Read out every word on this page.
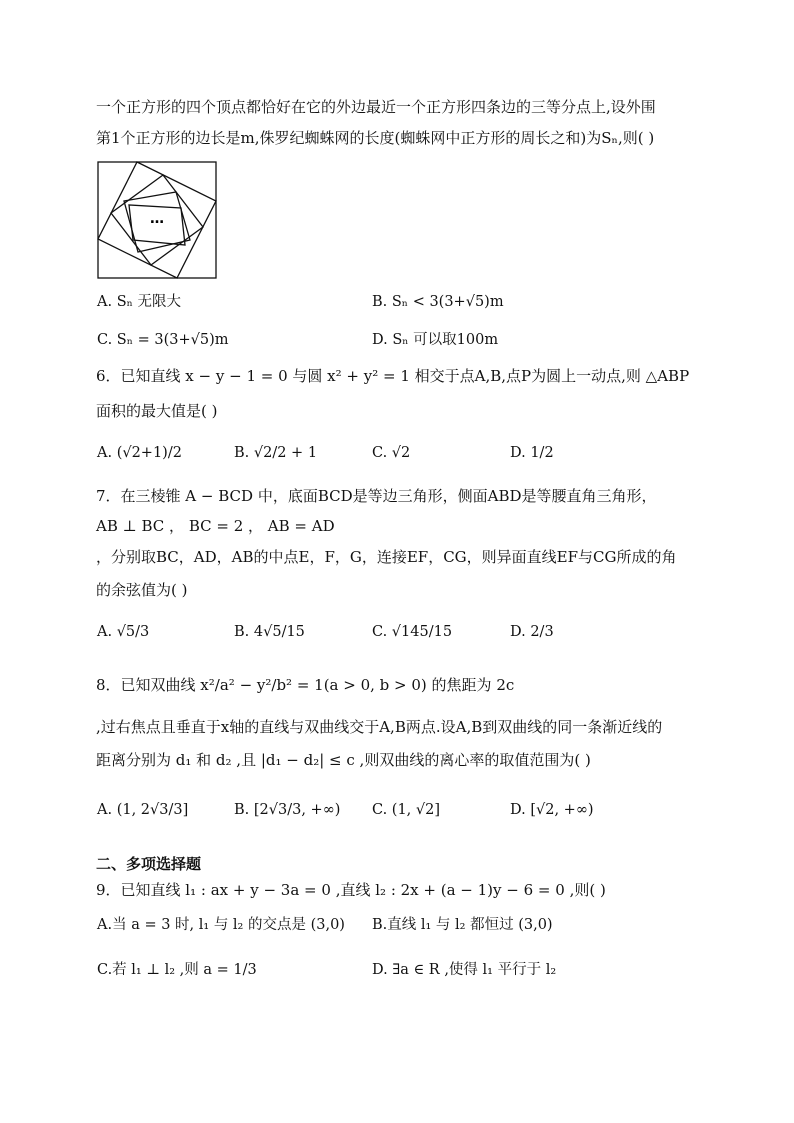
一个正方形的四个顶点都恰好在它的外边最近一个正方形四条边的三等分点上,设外围
第1个正方形的边长是m,侏罗纪蜘蛛网的长度(蜘蛛网中正方形的周长之和)为Sₙ,则( )
…
A. Sₙ 无限大	B. Sₙ < 3(3+√5)m
C. Sₙ = 3(3+√5)m	D. Sₙ 可以取100m
6．已知直线 x − y − 1 = 0 与圆 x² + y² = 1 相交于点A,B,点P为圆上一动点,则 △ABP
面积的最大值是( )
A. (√2+1)/2	B. √2/2 + 1	C. √2	D. 1/2
7．在三棱锥 A − BCD 中，底面BCD是等边三角形，侧面ABD是等腰直角三角形，
AB ⊥ BC ， BC = 2 ， AB = AD
，分别取BC，AD，AB的中点E，F，G，连接EF，CG，则异面直线EF与CG所成的角
的余弦值为( )
A. √5/3	B. 4√5/15	C. √145/15	D. 2/3
8．已知双曲线 x²/a² − y²/b² = 1(a > 0, b > 0) 的焦距为 2c
,过右焦点且垂直于x轴的直线与双曲线交于A,B两点.设A,B到双曲线的同一条渐近线的
距离分别为 d₁ 和 d₂ ,且 |d₁ − d₂| ≤ c ,则双曲线的离心率的取值范围为( )
A. (1, 2√3/3]	B. [2√3/3, +∞) C. (1, √2]	D. [√2, +∞)
二、多项选择题
9．已知直线 l₁ : ax + y − 3a = 0 ,直线 l₂ : 2x + (a − 1)y − 6 = 0 ,则( )
A.当 a = 3 时, l₁ 与 l₂ 的交点是 (3,0) B.直线 l₁ 与 l₂ 都恒过 (3,0)
C.若 l₁ ⊥ l₂ ,则 a = 1/3	D. ∃a ∈ R ,使得 l₁ 平行于 l₂
